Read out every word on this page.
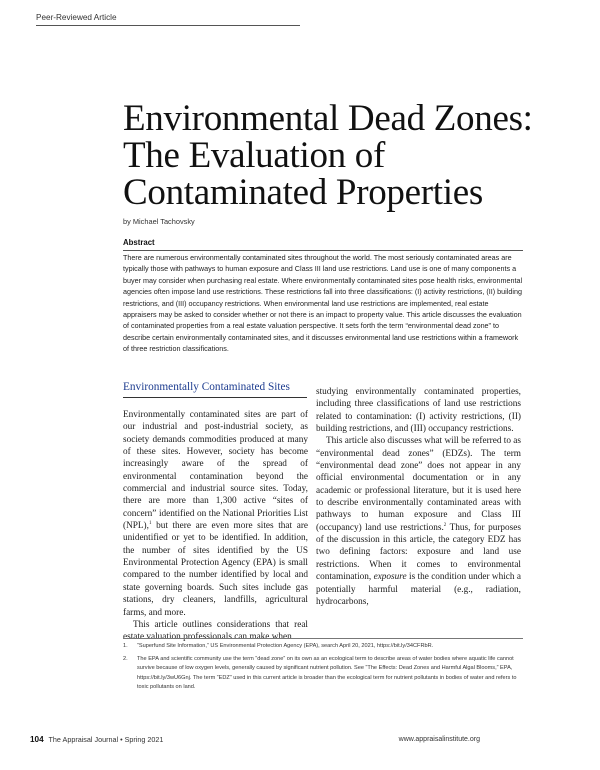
Peer-Reviewed Article
Environmental Dead Zones:
The Evaluation of
Contaminated Properties
by Michael Tachovsky
Abstract

There are numerous environmentally contaminated sites throughout the world. The most seriously contaminated areas are typically those with pathways to human exposure and Class III land use restrictions. Land use is one of many components a buyer may consider when purchasing real estate. Where environmentally contaminated sites pose health risks, environmental agencies often impose land use restrictions. These restrictions fall into three classifications: (I) activity restrictions, (II) building restrictions, and (III) occupancy restrictions. When environmental land use restrictions are implemented, real estate appraisers may be asked to consider whether or not there is an impact to property value. This article discusses the evaluation of contaminated properties from a real estate valuation perspective. It sets forth the term “environmental dead zone” to describe certain environmentally contaminated sites, and it discusses environmental land use restrictions within a framework of three restriction classifications.

Environmentally Contaminated Sites

Environmentally contaminated sites are part of our industrial and post-industrial society, as society demands commodities produced at many of these sites. However, society has become increasingly aware of the spread of environmental contamination beyond the commercial and industrial source sites. Today, there are more than 1,300 active “sites of concern” identified on the National Priorities List (NPL),$^1$ but there are even more sites that are unidentified or yet to be identified. In addition, the number of sites identified by the US Environmental Protection Agency (EPA) is small compared to the number identified by local and state governing boards. Such sites include gas stations, dry cleaners, landfills, agricultural farms, and more.

This article outlines considerations that real estate valuation professionals can make when

studying environmentally contaminated properties, including three classifications of land use restrictions related to contamination: (I) activity restrictions, (II) building restrictions, and (III) occupancy restrictions.

This article also discusses what will be referred to as “environmental dead zones” (EDZs). The term “environmental dead zone” does not appear in any official environmental documentation or in any academic or professional literature, but it is used here to describe environmentally contaminated areas with pathways to human exposure and Class III (occupancy) land use restrictions.$^2$ Thus, for purposes of the discussion in this article, the category EDZ has two defining factors: exposure and land use restrictions. When it comes to environmental contamination, exposure is the condition under which a potentially harmful material (e.g., radiation, hydrocarbons,

1.	“Superfund Site Information,” US Environmental Protection Agency (EPA), search April 20, 2021, https://bit.ly/34CFRbR.
2.	The EPA and scientific community use the term “dead zone” on its own as an ecological term to describe areas of water bodies where aquatic life cannot survive because of low oxygen levels, generally caused by significant nutrient pollution. See “The Effects: Dead Zones and Harmful Algal Blooms,” EPA, https://bit.ly/3wU6Gnj. The term “EDZ” used in this current article is broader than the ecological term for nutrient pollutants in bodies of water and refers to toxic pollutants on land.
104 The Appraisal Journal • Spring 2021	www.appraisalinstitute.org
